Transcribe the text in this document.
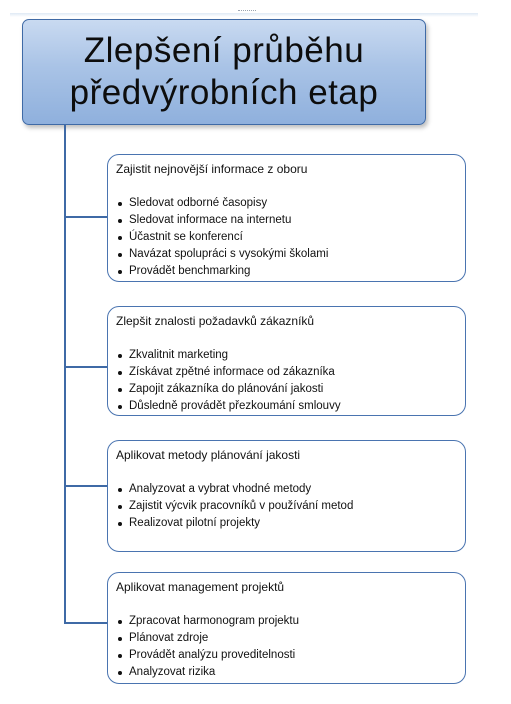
Zlepšení průběhu
předvýrobních etap
Zajistit nejnovější informace z oboru
Sledovat odborné časopisy
Sledovat informace na internetu
Účastnit se konferencí
Navázat spolupráci s vysokými školami
Provádět benchmarking
Zlepšit znalosti požadavků zákazníků
Zkvalitnit marketing
Získávat zpětné informace od zákazníka
Zapojit zákazníka do plánování jakosti
Důsledně provádět přezkoumání smlouvy
Aplikovat metody plánování jakosti
Analyzovat a vybrat vhodné metody
Zajistit výcvik pracovníků v používání metod
Realizovat pilotní projekty
Aplikovat management projektů
Zpracovat harmonogram projektu
Plánovat zdroje
Provádět analýzu proveditelnosti
Analyzovat rizika
